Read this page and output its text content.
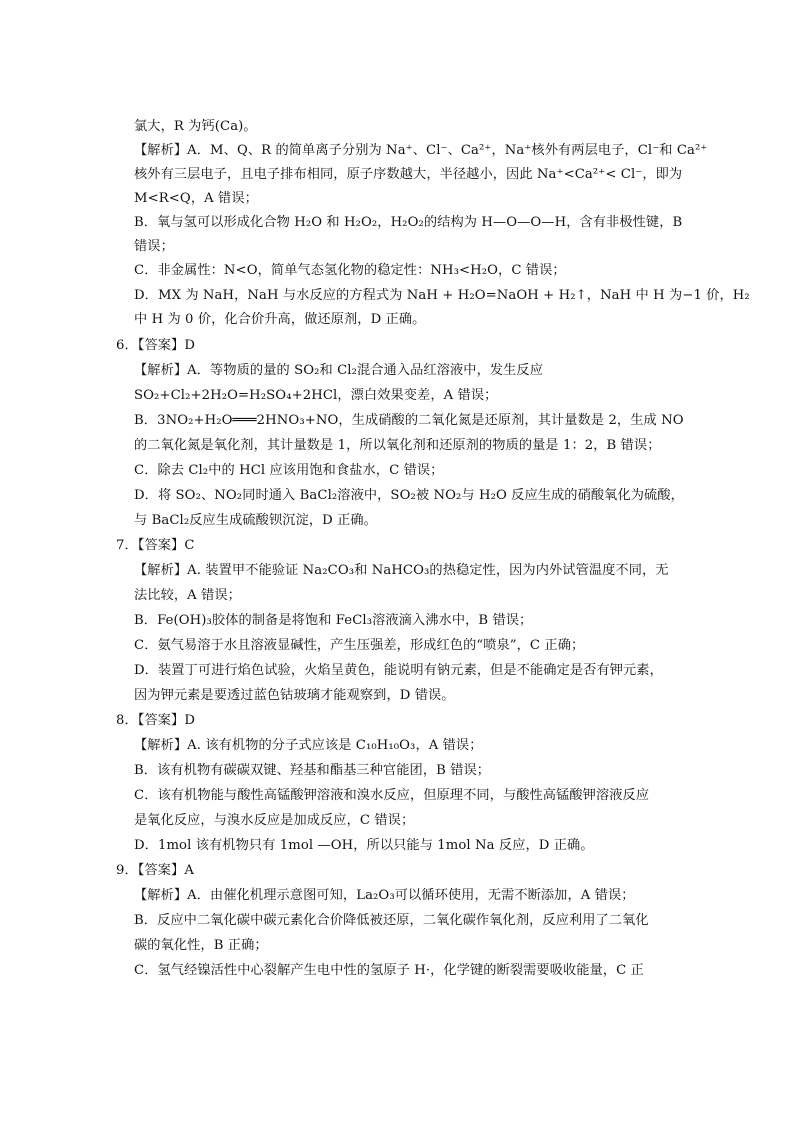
氯大，R 为钙(Ca)。
【解析】A．M、Q、R 的简单离子分别为 Na⁺、Cl⁻、Ca²⁺，Na⁺核外有两层电子，Cl⁻和 Ca²⁺
核外有三层电子，且电子排布相同，原子序数越大，半径越小，因此 Na⁺<Ca²⁺< Cl⁻，即为
M<R<Q，A 错误；
B．氧与氢可以形成化合物 H₂O 和 H₂O₂，H₂O₂的结构为 H—O—O—H，含有非极性键，B
错误；
C．非金属性：N<O，简单气态氢化物的稳定性：NH₃<H₂O，C 错误；
D．MX 为 NaH，NaH 与水反应的方程式为 NaH + H₂O=NaOH + H₂↑，NaH 中 H 为−1 价，H₂
中 H 为 0 价，化合价升高，做还原剂，D 正确。
6．【答案】D
【解析】A．等物质的量的 SO₂和 Cl₂混合通入品红溶液中，发生反应
SO₂+Cl₂+2H₂O=H₂SO₄+2HCl，漂白效果变差，A 错误；
B．3NO₂+H₂O═══2HNO₃+NO，生成硝酸的二氧化氮是还原剂，其计量数是 2，生成 NO
的二氧化氮是氧化剂，其计量数是 1，所以氧化剂和还原剂的物质的量是 1：2，B 错误；
C．除去 Cl₂中的 HCl 应该用饱和食盐水，C 错误；
D．将 SO₂、NO₂同时通入 BaCl₂溶液中，SO₂被 NO₂与 H₂O 反应生成的硝酸氧化为硫酸，
与 BaCl₂反应生成硫酸钡沉淀，D 正确。
7．【答案】C
【解析】A. 装置甲不能验证 Na₂CO₃和 NaHCO₃的热稳定性，因为内外试管温度不同，无
法比较，A 错误；
B．Fe(OH)₃胶体的制备是将饱和 FeCl₃溶液滴入沸水中，B 错误；
C．氨气易溶于水且溶液显碱性，产生压强差，形成红色的“喷泉”，C 正确；
D．装置丁可进行焰色试验，火焰呈黄色，能说明有钠元素，但是不能确定是否有钾元素，
因为钾元素是要透过蓝色钴玻璃才能观察到，D 错误。
8．【答案】D
【解析】A. 该有机物的分子式应该是 C₁₀H₁₀O₃，A 错误；
B．该有机物有碳碳双键、羟基和酯基三种官能团，B 错误；
C．该有机物能与酸性高锰酸钾溶液和溴水反应，但原理不同，与酸性高锰酸钾溶液反应
是氧化反应，与溴水反应是加成反应，C 错误；
D．1mol 该有机物只有 1mol —OH，所以只能与 1mol Na 反应，D 正确。
9．【答案】A
【解析】A．由催化机理示意图可知，La₂O₃可以循环使用，无需不断添加，A 错误；
B．反应中二氧化碳中碳元素化合价降低被还原，二氧化碳作氧化剂，反应利用了二氧化
碳的氧化性，B 正确；
C．氢气经镍活性中心裂解产生电中性的氢原子 H·，化学键的断裂需要吸收能量，C 正
